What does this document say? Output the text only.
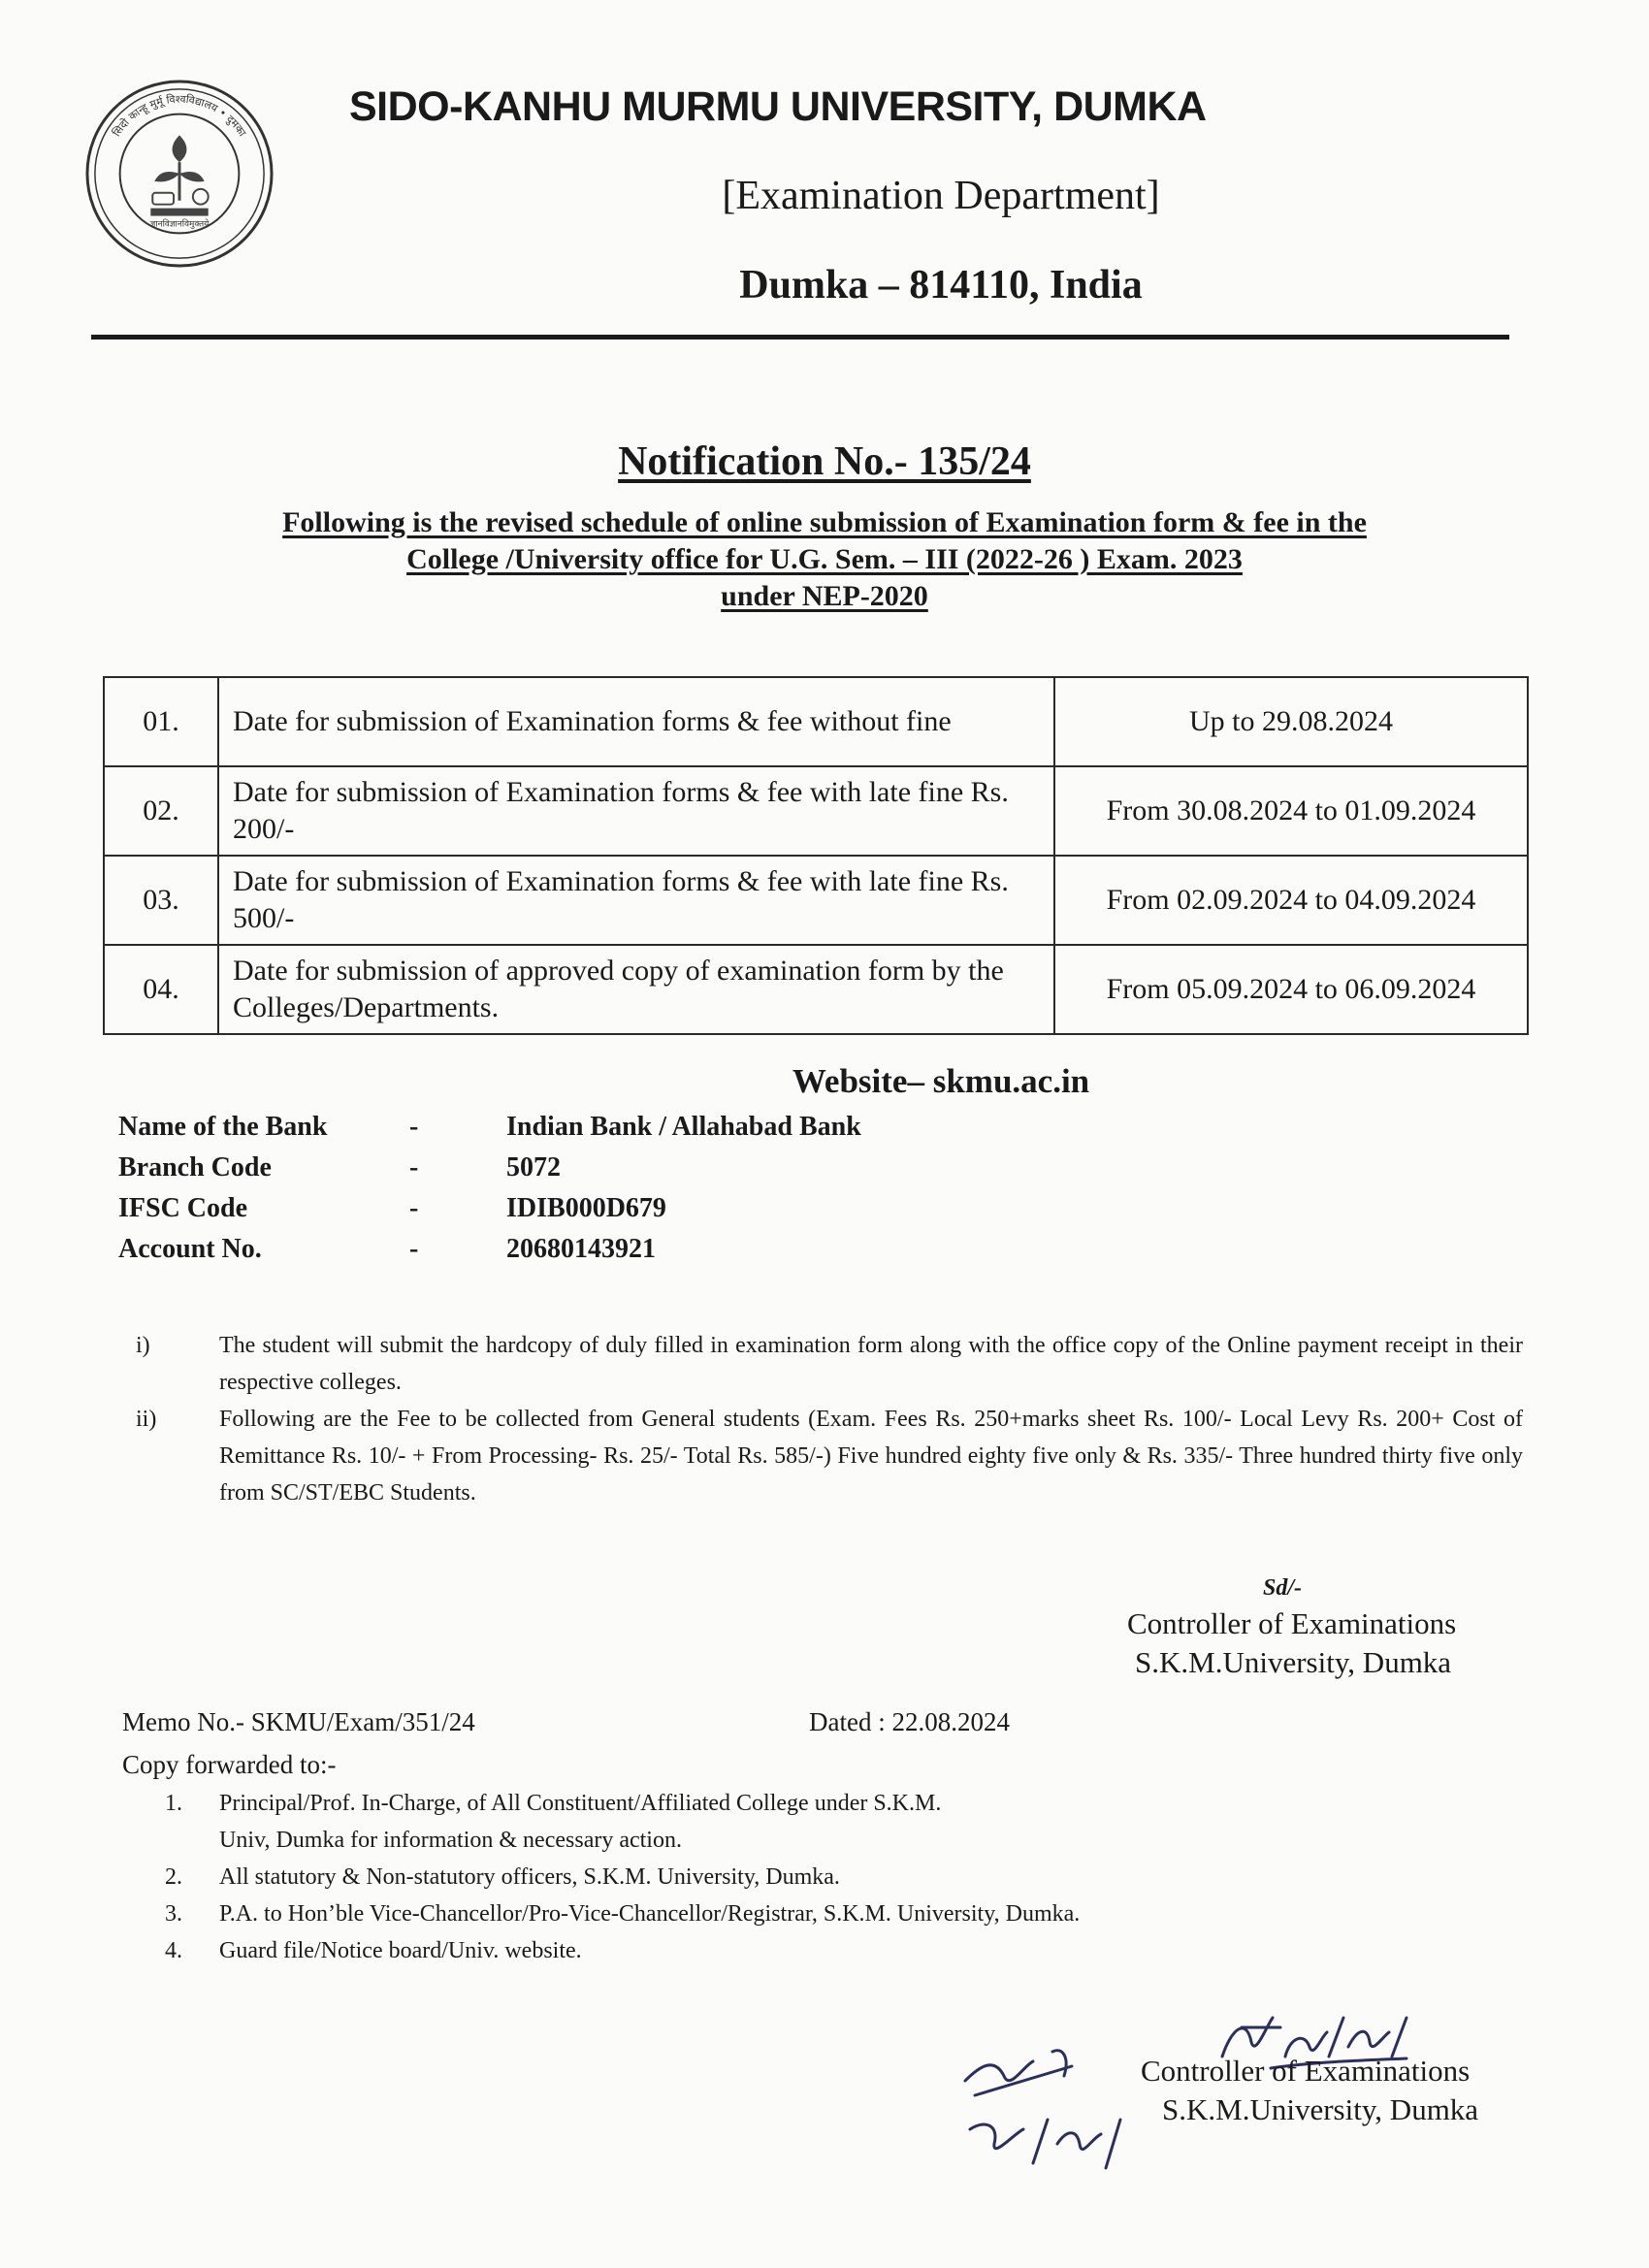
सिदो कान्हू मुर्मू विश्वविद्यालय • दुमका
ज्ञानविज्ञानविमुक्तये
SIDO-KANHU MURMU UNIVERSITY, DUMKA
[Examination Department]
Dumka – 814110, India
Notification No.- 135/24
Following is the revised schedule of online submission of Examination form & fee in the
College /University office for U.G. Sem. – III (2022-26 ) Exam. 2023
under NEP-2020
01.	Date for submission of Examination forms & fee without fine	Up to 29.08.2024
02.	Date for submission of Examination forms & fee with late fine Rs. 200/-	From 30.08.2024 to 01.09.2024
03.	Date for submission of Examination forms & fee with late fine Rs. 500/-	From 02.09.2024 to 04.09.2024
04.	Date for submission of approved copy of examination form by the Colleges/Departments.	From 05.09.2024 to 06.09.2024
Website– skmu.ac.in
Name of the Bank	-	Indian Bank / Allahabad Bank
Branch Code	-	5072
IFSC Code	-	IDIB000D679
Account No.	-	20680143921
i)	The student will submit the hardcopy of duly filled in examination form along with the office copy of the Online payment receipt in their respective colleges.
ii)	Following are the Fee to be collected from General students (Exam. Fees Rs. 250+marks sheet Rs. 100/- Local Levy Rs. 200+ Cost of Remittance Rs. 10/- + From Processing- Rs. 25/- Total Rs. 585/-) Five hundred eighty five only & Rs. 335/- Three hundred thirty five only from SC/ST/EBC Students.
Sd/-
Controller of Examinations
S.K.M.University, Dumka
Memo No.- SKMU/Exam/351/24	Dated : 22.08.2024
Copy forwarded to:-
1.	Principal/Prof. In-Charge, of All Constituent/Affiliated College under S.K.M. Univ, Dumka for information & necessary action.
2.	All statutory & Non-statutory officers, S.K.M. University, Dumka.
3.	P.A. to Hon’ble Vice-Chancellor/Pro-Vice-Chancellor/Registrar, S.K.M. University, Dumka.
4.	Guard file/Notice board/Univ. website.
Controller of Examinations
S.K.M.University, Dumka
